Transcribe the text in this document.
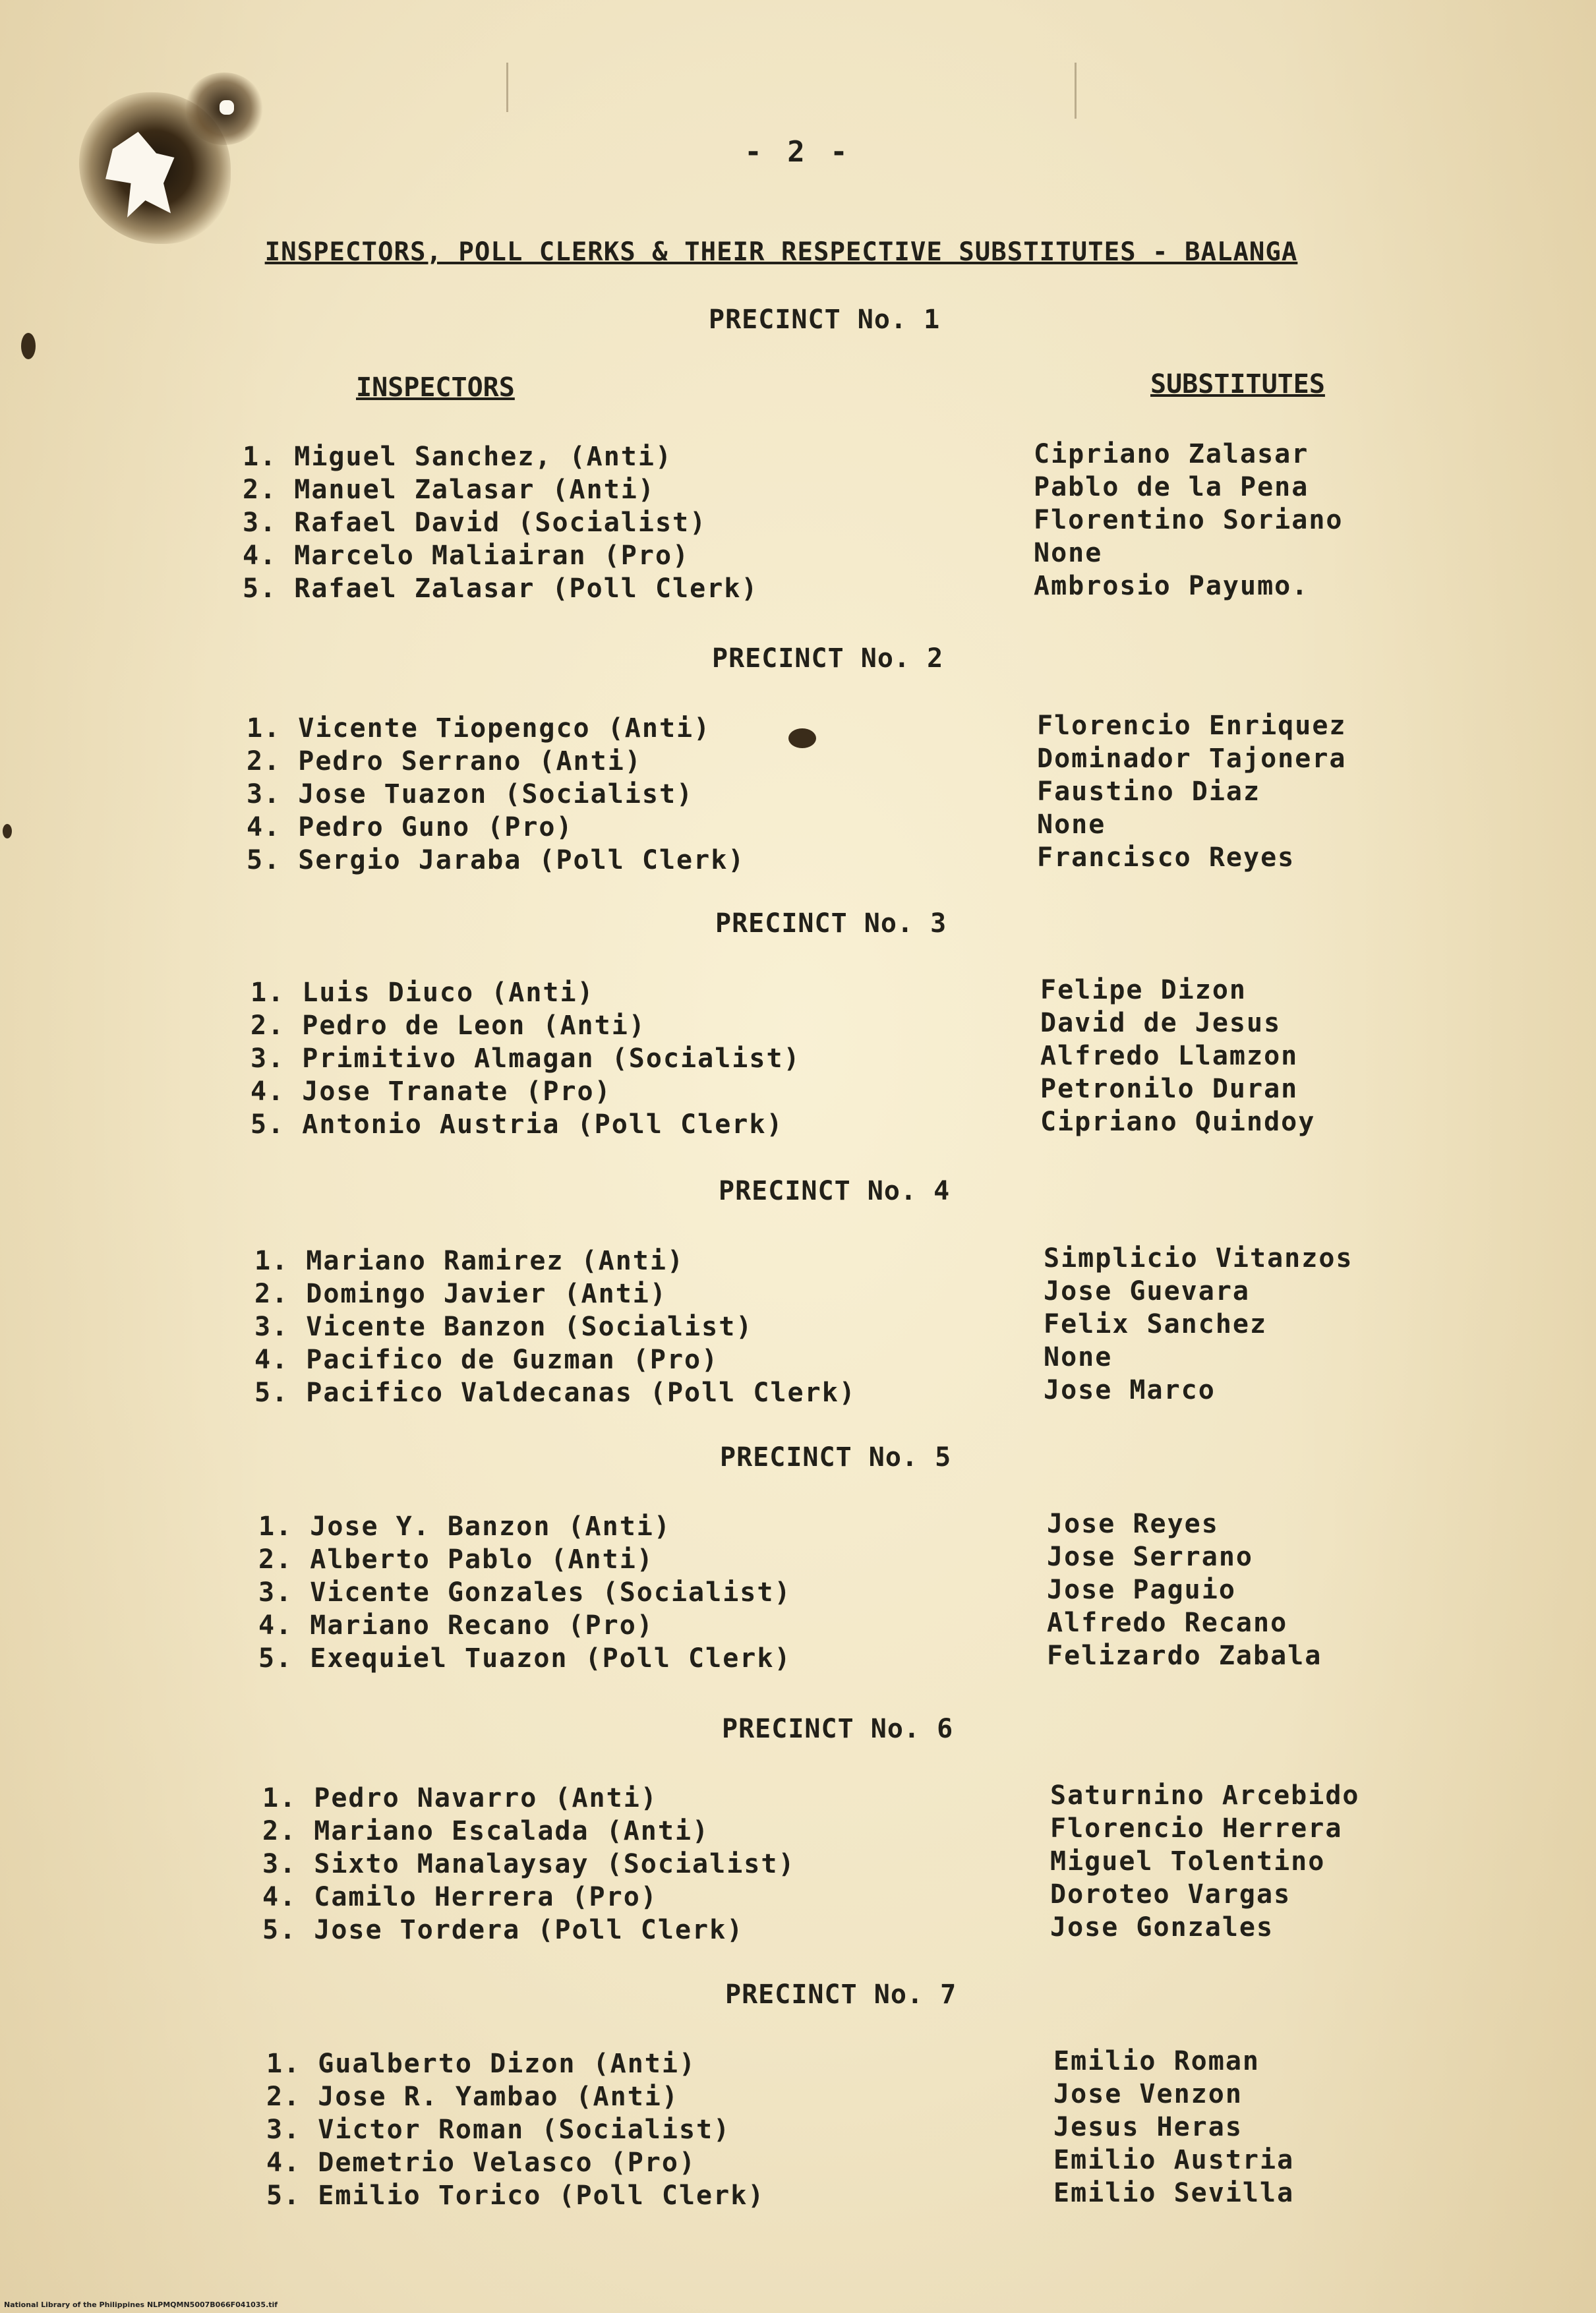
- 2 -
INSPECTORS, POLL CLERKS & THEIR RESPECTIVE SUBSTITUTES - BALANGA
INSPECTORS	SUBSTITUTES
PRECINCT No. 1
1. Miguel Sanchez, (Anti)	Cipriano Zalasar
2. Manuel Zalasar (Anti)	Pablo de la Pena
3. Rafael David (Socialist)	Florentino Soriano
4. Marcelo Maliairan (Pro)	None
5. Rafael Zalasar (Poll Clerk)	Ambrosio Payumo.
PRECINCT No. 2
1. Vicente Tiopengco (Anti)	Florencio Enriquez
2. Pedro Serrano (Anti)	Dominador Tajonera
3. Jose Tuazon (Socialist)	Faustino Diaz
4. Pedro Guno (Pro)	None
5. Sergio Jaraba (Poll Clerk)	Francisco Reyes
PRECINCT No. 3
1. Luis Diuco (Anti)	Felipe Dizon
2. Pedro de Leon (Anti)	David de Jesus
3. Primitivo Almagan (Socialist)	Alfredo Llamzon
4. Jose Tranate (Pro)	Petronilo Duran
5. Antonio Austria (Poll Clerk)	Cipriano Quindoy
PRECINCT No. 4
1. Mariano Ramirez (Anti)	Simplicio Vitanzos
2. Domingo Javier (Anti)	Jose Guevara
3. Vicente Banzon (Socialist)	Felix Sanchez
4. Pacifico de Guzman (Pro)	None
5. Pacifico Valdecanas (Poll Clerk)	Jose Marco
PRECINCT No. 5
1. Jose Y. Banzon (Anti)	Jose Reyes
2. Alberto Pablo (Anti)	Jose Serrano
3. Vicente Gonzales (Socialist)	Jose Paguio
4. Mariano Recano (Pro)	Alfredo Recano
5. Exequiel Tuazon (Poll Clerk)	Felizardo Zabala
PRECINCT No. 6
1. Pedro Navarro (Anti)	Saturnino Arcebido
2. Mariano Escalada (Anti)	Florencio Herrera
3. Sixto Manalaysay (Socialist)	Miguel Tolentino
4. Camilo Herrera (Pro)	Doroteo Vargas
5. Jose Tordera (Poll Clerk)	Jose Gonzales
PRECINCT No. 7
1. Gualberto Dizon (Anti)	Emilio Roman
2. Jose R. Yambao (Anti)	Jose Venzon
3. Victor Roman (Socialist)	Jesus Heras
4. Demetrio Velasco (Pro)	Emilio Austria
5. Emilio Torico (Poll Clerk)	Emilio Sevilla
National Library of the Philippines NLPMQMN5007B066F041035.tif
